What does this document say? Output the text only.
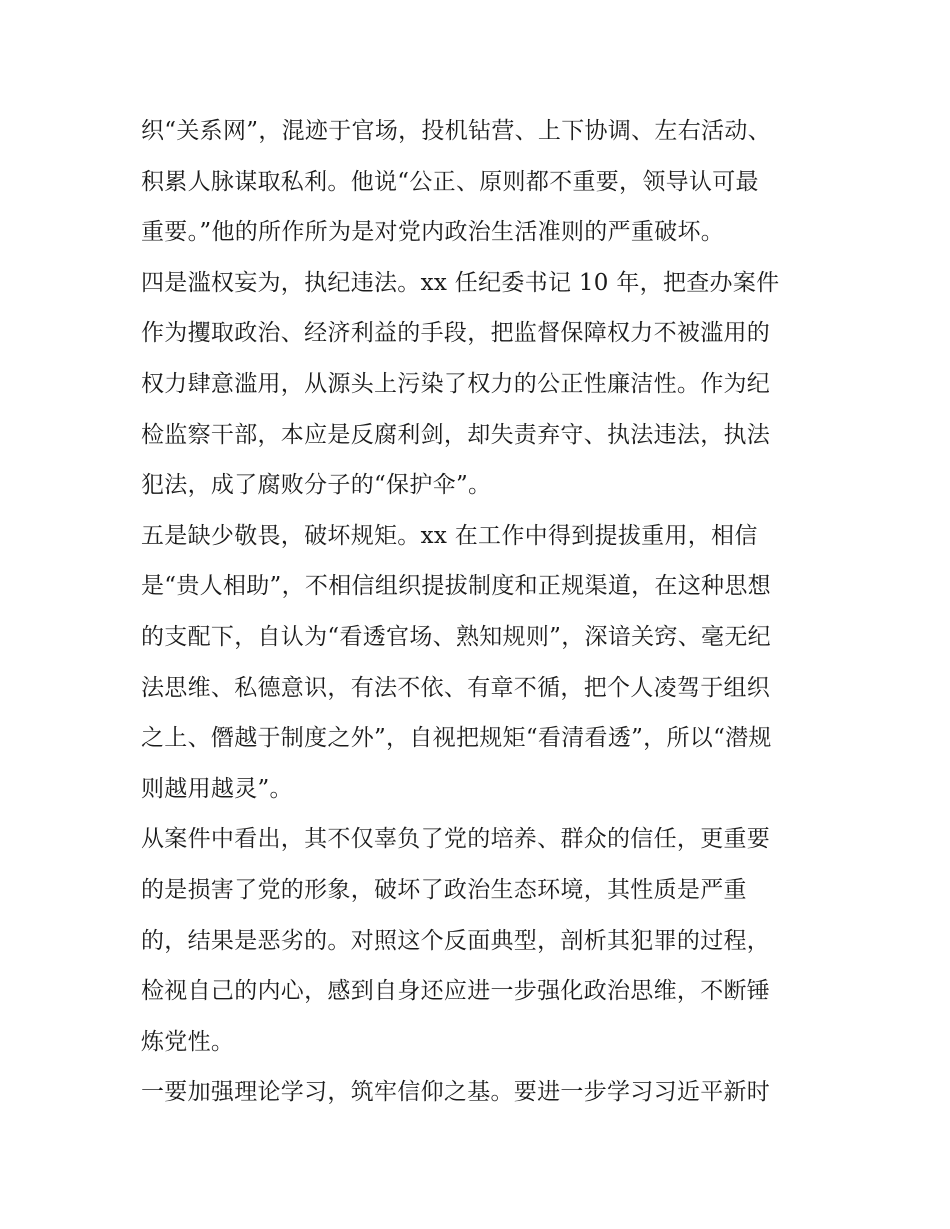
织“关系网”，混迹于官场，投机钻营、上下协调、左右活动、
积累人脉谋取私利。他说“公正、原则都不重要，领导认可最
重要。”他的所作所为是对党内政治生活准则的严重破坏。
四是滥权妄为，执纪违法。xx 任纪委书记 10 年，把查办案件
作为攫取政治、经济利益的手段，把监督保障权力不被滥用的
权力肆意滥用，从源头上污染了权力的公正性廉洁性。作为纪
检监察干部，本应是反腐利剑，却失责弃守、执法违法，执法
犯法，成了腐败分子的“保护伞”。
五是缺少敬畏，破坏规矩。xx 在工作中得到提拔重用，相信
是“贵人相助”，不相信组织提拔制度和正规渠道，在这种思想
的支配下，自认为“看透官场、熟知规则”，深谙关窍、毫无纪
法思维、私德意识，有法不依、有章不循，把个人凌驾于组织
之上、僭越于制度之外”，自视把规矩“看清看透”，所以“潜规
则越用越灵”。
从案件中看出，其不仅辜负了党的培养、群众的信任，更重要
的是损害了党的形象，破坏了政治生态环境，其性质是严重
的，结果是恶劣的。对照这个反面典型，剖析其犯罪的过程，
检视自己的内心，感到自身还应进一步强化政治思维，不断锤
炼党性。
一要加强理论学习，筑牢信仰之基。要进一步学习习近平新时
